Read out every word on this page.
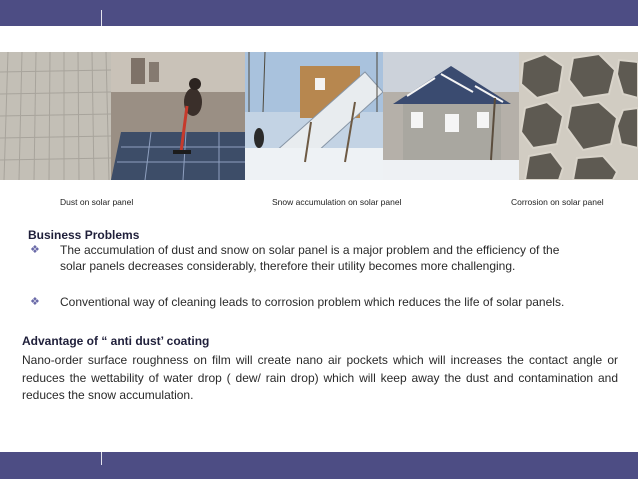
Dust on solar panel	Snow accumulation on solar panel	Corrosion on solar panel
Business Problems
❖ The accumulation of dust and snow on solar panel is a major problem and the efficiency of the solar panels decreases considerably, therefore their utility becomes more challenging.
❖ Conventional way of cleaning leads to corrosion problem which reduces the life of solar panels.
Advantage of “ anti dust’ coating
Nano-order surface roughness on film will create nano air pockets which will increases the contact angle or reduces the wettability of water drop ( dew/ rain drop) which will keep away the dust and contamination and reduces the snow accumulation.
